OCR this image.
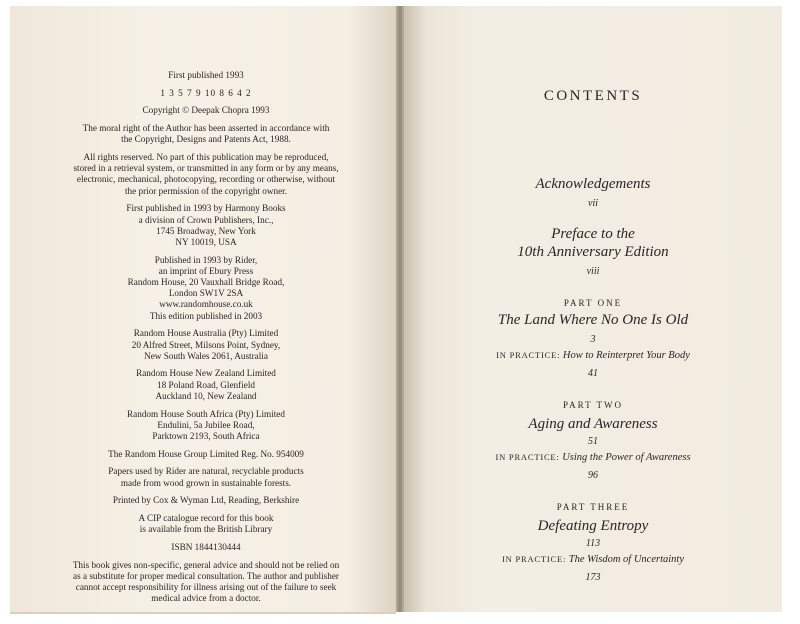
First published 1993

1 3 5 7 9 10 8 6 4 2

Copyright © Deepak Chopra 1993

The moral right of the Author has been asserted in accordance with
the Copyright, Designs and Patents Act, 1988.

All rights reserved. No part of this publication may be reproduced,
stored in a retrieval system, or transmitted in any form or by any means,
electronic, mechanical, photocopying, recording or otherwise, without
the prior permission of the copyright owner.

First published in 1993 by Harmony Books
a division of Crown Publishers, Inc.,
1745 Broadway, New York
NY 10019, USA

Published in 1993 by Rider,
an imprint of Ebury Press
Random House, 20 Vauxhall Bridge Road,
London SW1V 2SA
www.randomhouse.co.uk
This edition published in 2003

Random House Australia (Pty) Limited
20 Alfred Street, Milsons Point, Sydney,
New South Wales 2061, Australia

Random House New Zealand Limited
18 Poland Road, Glenfield
Auckland 10, New Zealand

Random House South Africa (Pty) Limited
Endulini, 5a Jubilee Road,
Parktown 2193, South Africa

The Random House Group Limited Reg. No. 954009

Papers used by Rider are natural, recyclable products
made from wood grown in sustainable forests.

Printed by Cox & Wyman Ltd, Reading, Berkshire

A CIP catalogue record for this book
is available from the British Library

ISBN 1844130444

This book gives non-specific, general advice and should not be relied on
as a substitute for proper medical consultation. The author and publisher
cannot accept responsibility for illness arising out of the failure to seek
medical advice from a doctor.

CONTENTS
Acknowledgements
vii
Preface to the
10th Anniversary Edition
viii
PART ONE
The Land Where No One Is Old
3
IN PRACTICE: How to Reinterpret Your Body
41
PART TWO
Aging and Awareness
51
IN PRACTICE: Using the Power of Awareness
96
PART THREE
Defeating Entropy
113
IN PRACTICE: The Wisdom of Uncertainty
173
